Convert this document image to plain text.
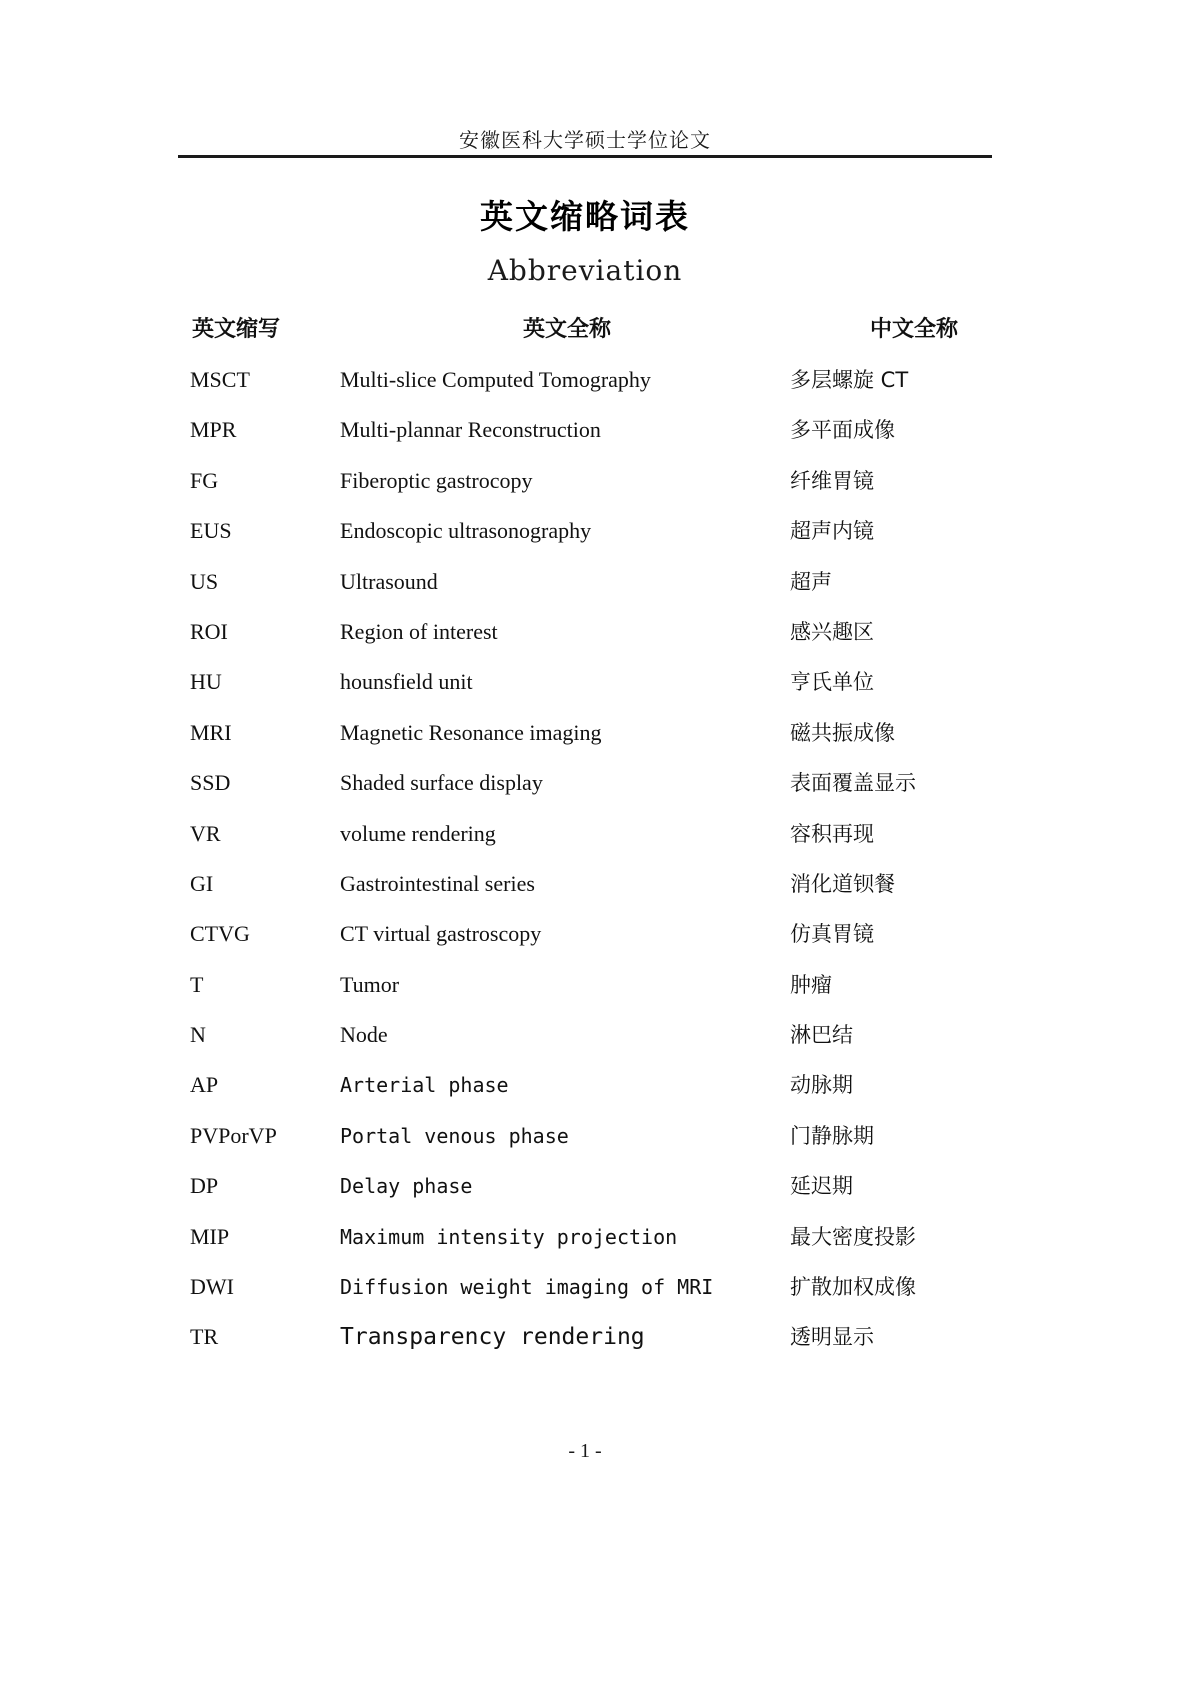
安徽医科大学硕士学位论文
英文缩略词表
Abbreviation
英文缩写	英文全称	中文全称
MSCT	Multi-slice Computed Tomography	多层螺旋 CT
MPR	Multi-plannar Reconstruction	多平面成像
FG	Fiberoptic gastrocopy	纤维胃镜
EUS	Endoscopic ultrasonography	超声内镜
US	Ultrasound	超声
ROI	Region of interest	感兴趣区
HU	hounsfield unit	亨氏单位
MRI	Magnetic Resonance imaging	磁共振成像
SSD	Shaded surface display	表面覆盖显示
VR	volume rendering	容积再现
GI	Gastrointestinal series	消化道钡餐
CTVG	CT virtual gastroscopy	仿真胃镜
T	Tumor	肿瘤
N	Node	淋巴结
AP	Arterial phase	动脉期
PVPorVP	Portal venous phase	门静脉期
DP	Delay phase	延迟期
MIP	Maximum intensity projection	最大密度投影
DWI	Diffusion weight imaging of MRI	扩散加权成像
TR	Transparency rendering	透明显示
- 1 -
